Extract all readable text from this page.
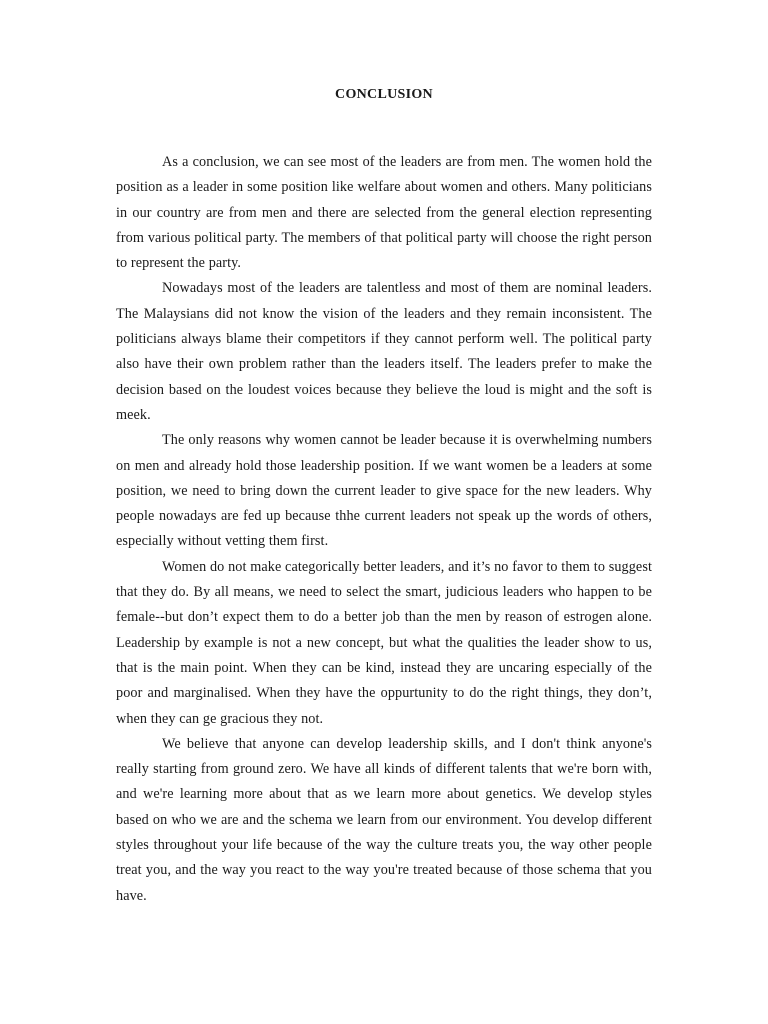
CONCLUSION

As a conclusion, we can see most of the leaders are from men. The women hold the position as a leader in some position like welfare about women and others. Many politicians in our country are from men and there are selected from the general election representing from various political party. The members of that political party will choose the right person to represent the party.

Nowadays most of the leaders are talentless and most of them are nominal leaders. The Malaysians did not know the vision of the leaders and they remain inconsistent. The politicians always blame their competitors if they cannot perform well. The political party also have their own problem rather than the leaders itself. The leaders prefer to make the decision based on the loudest voices because they believe the loud is might and the soft is meek.

The only reasons why women cannot be leader because it is overwhelming numbers on men and already hold those leadership position. If we want women be a leaders at some position, we need to bring down the current leader to give space for the new leaders. Why people nowadays are fed up because thhe current leaders not speak up the words of others, especially without vetting them first.

Women do not make categorically better leaders, and it’s no favor to them to suggest that they do. By all means, we need to select the smart, judicious leaders who happen to be female--but don’t expect them to do a better job than the men by reason of estrogen alone. Leadership by example is not a new concept, but what the qualities the leader show to us, that is the main point. When they can be kind, instead they are uncaring especially of the poor and marginalised. When they have the oppurtunity to do the right things, they don’t, when they can ge gracious they not.

We believe that anyone can develop leadership skills, and I don't think anyone's really starting from ground zero. We have all kinds of different talents that we're born with, and we're learning more about that as we learn more about genetics. We develop styles based on who we are and the schema we learn from our environment. You develop different styles throughout your life because of the way the culture treats you, the way other people treat you, and the way you react to the way you're treated because of those schema that you have.
